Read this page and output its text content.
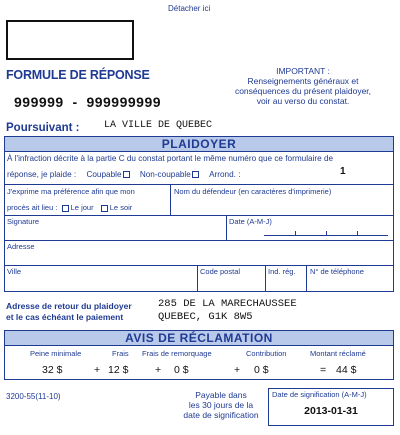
Détacher ici
FORMULE DE RÉPONSE	IMPORTANT :
Renseignements généraux et
conséquences du présent plaidoyer,
voir au verso du constat.
999999  -  999999999
Poursuivant : LA VILLE DE QUEBEC
PLAIDOYER
À l'infraction décrite à la partie C du constat portant le même numéro que ce formulaire de
réponse, je plaide : Coupable Non-coupable Arrond. :	1
J'exprime ma préférence afin que mon
procès ait lieu : Le jour Le soir
Nom du défendeur (en caractères d'imprimerie)
Signature	Date (A-M-J)
Adresse
Ville	Code postal	Ind. rég. N° de téléphone
Adresse de retour du plaidoyer
et le cas échéant le paiement
285 DE LA MARECHAUSSEE
QUEBEC, G1K 8W5
AVIS DE RÉCLAMATION
Peine minimale	Frais Frais de remorquage	Contribution	Montant réclamé
32 $	+ 12 $	+ 0 $	+ 0 $	= 44 $
3200-55(11-10)	Payable dans
les 30 jours de la
date de signification
Date de signification (A-M-J)
2013-01-31
